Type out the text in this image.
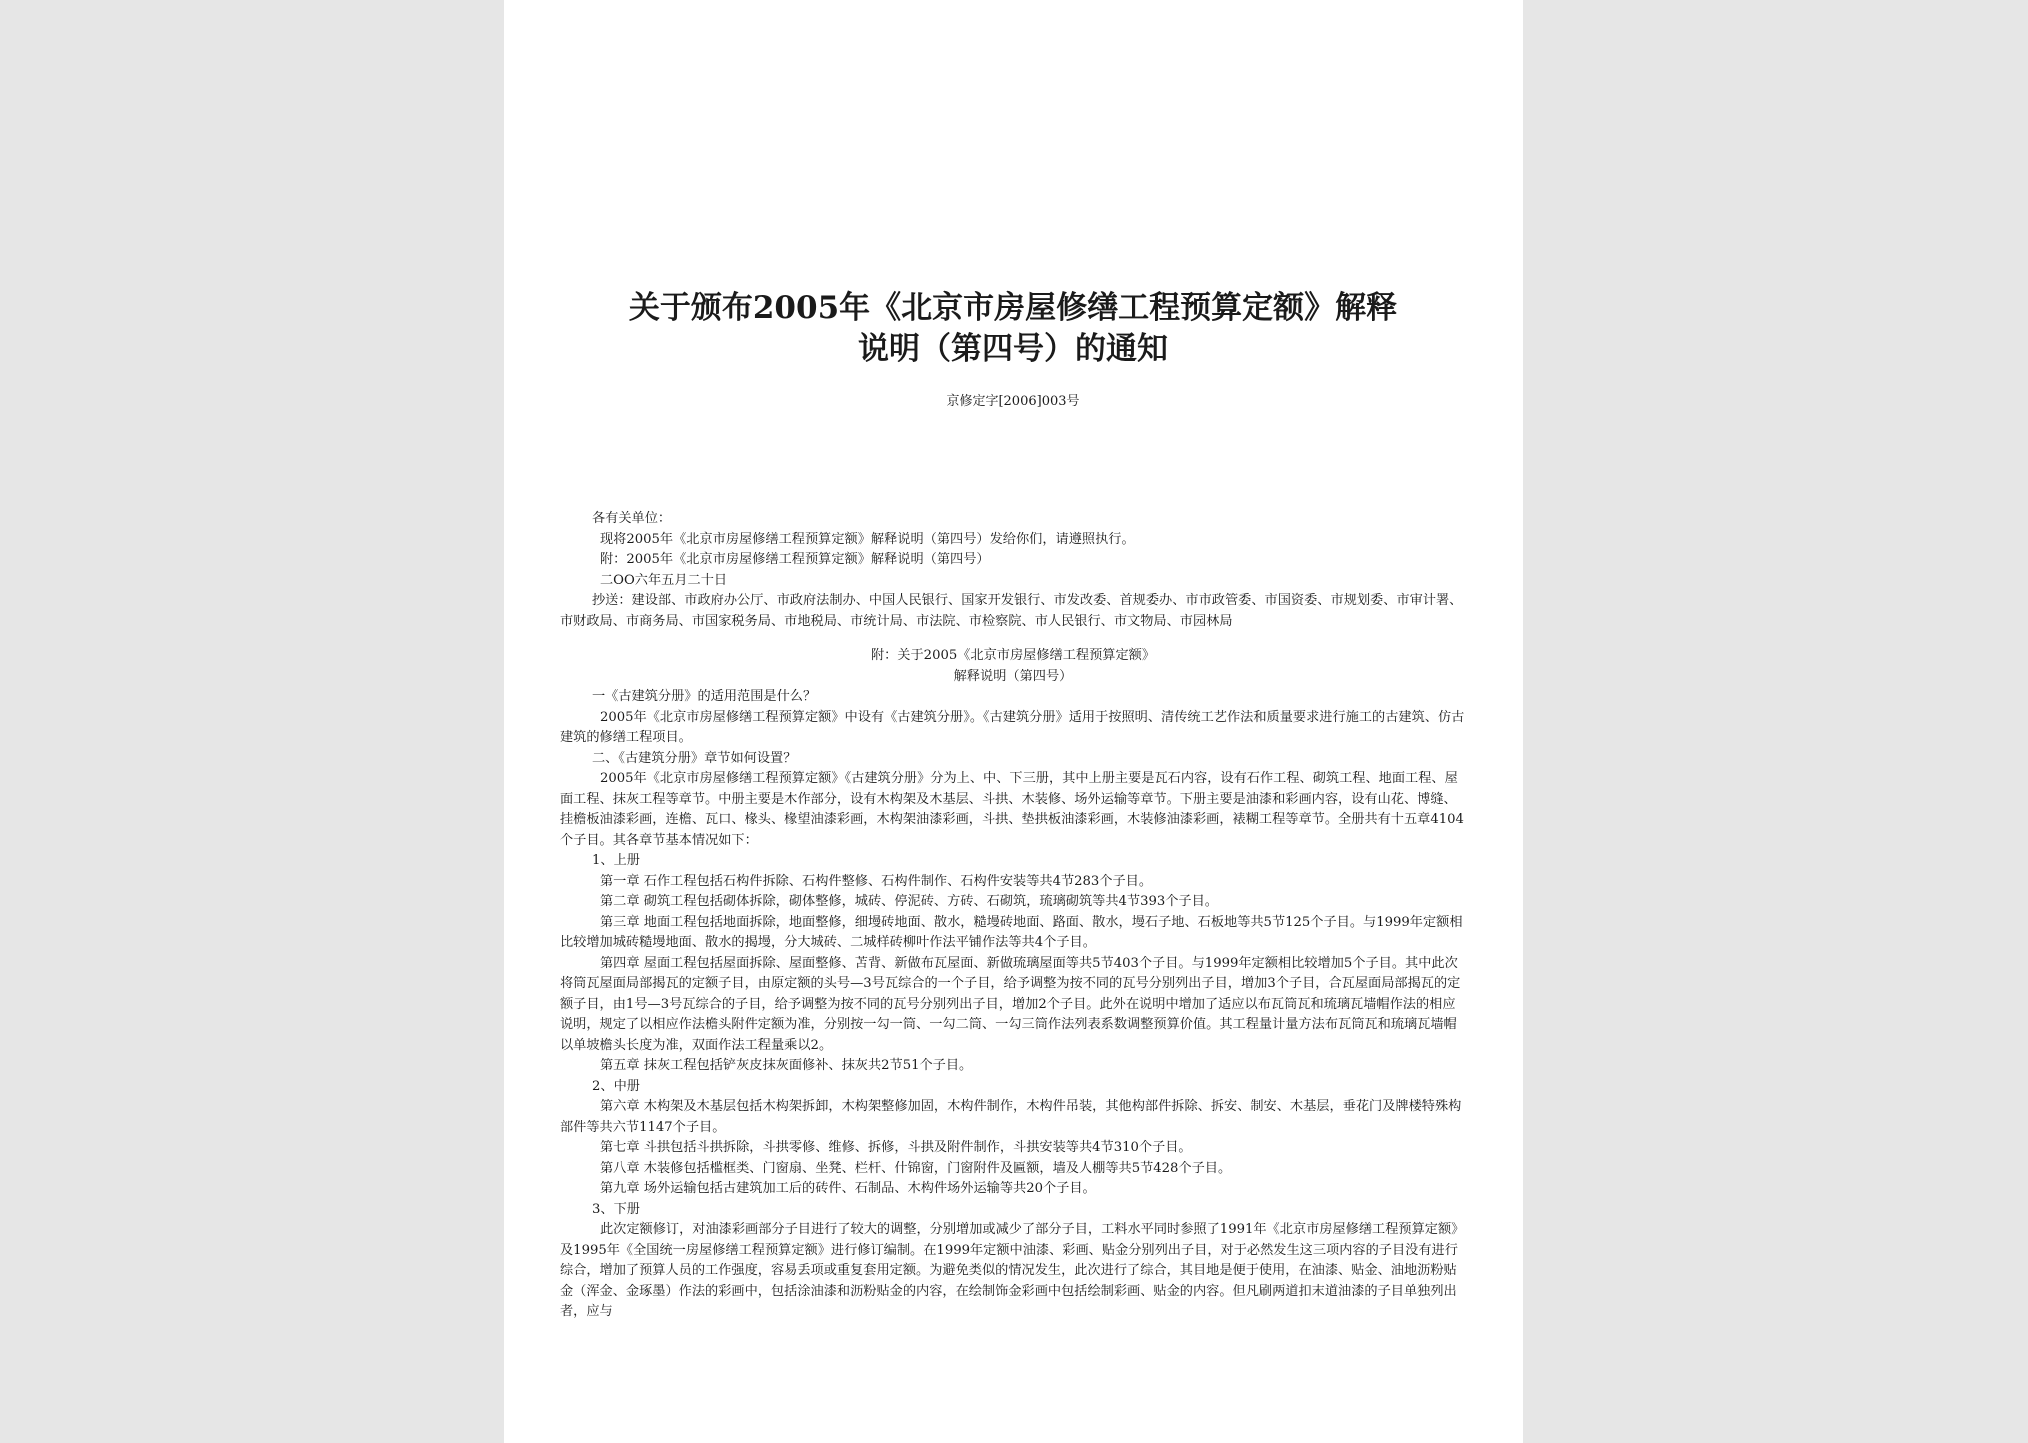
关于颁布2005年《北京市房屋修缮工程预算定额》解释
说明（第四号）的通知
京修定字[2006]003号

各有关单位：

现将2005年《北京市房屋修缮工程预算定额》解释说明（第四号）发给你们，请遵照执行。

附：2005年《北京市房屋修缮工程预算定额》解释说明（第四号）

二OO六年五月二十日

抄送：建设部、市政府办公厅、市政府法制办、中国人民银行、国家开发银行、市发改委、首规委办、市市政管委、市国资委、市规划委、市审计署、市财政局、市商务局、市国家税务局、市地税局、市统计局、市法院、市检察院、市人民银行、市文物局、市园林局

附：关于2005《北京市房屋修缮工程预算定额》

解释说明（第四号）

一《古建筑分册》的适用范围是什么？

2005年《北京市房屋修缮工程预算定额》中设有《古建筑分册》。《古建筑分册》适用于按照明、清传统工艺作法和质量要求进行施工的古建筑、仿古建筑的修缮工程项目。

二、《古建筑分册》章节如何设置？

2005年《北京市房屋修缮工程预算定额》《古建筑分册》分为上、中、下三册，其中上册主要是瓦石内容，设有石作工程、砌筑工程、地面工程、屋面工程、抹灰工程等章节。中册主要是木作部分，设有木构架及木基层、斗拱、木装修、场外运输等章节。下册主要是油漆和彩画内容，设有山花、博缝、挂檐板油漆彩画，连檐、瓦口、椽头、椽望油漆彩画，木构架油漆彩画，斗拱、垫拱板油漆彩画，木装修油漆彩画，裱糊工程等章节。全册共有十五章4104个子目。其各章节基本情况如下：

1、上册

第一章 石作工程包括石构件拆除、石构件整修、石构件制作、石构件安装等共4节283个子目。

第二章 砌筑工程包括砌体拆除，砌体整修，城砖、停泥砖、方砖、石砌筑，琉璃砌筑等共4节393个子目。

第三章 地面工程包括地面拆除，地面整修，细墁砖地面、散水，糙墁砖地面、路面、散水，墁石子地、石板地等共5节125个子目。与1999年定额相比较增加城砖糙墁地面、散水的揭墁，分大城砖、二城样砖柳叶作法平铺作法等共4个子目。

第四章 屋面工程包括屋面拆除、屋面整修、苫背、新做布瓦屋面、新做琉璃屋面等共5节403个子目。与1999年定额相比较增加5个子目。其中此次将筒瓦屋面局部揭瓦的定额子目，由原定额的头号—3号瓦综合的一个子目，给予调整为按不同的瓦号分别列出子目，增加3个子目，合瓦屋面局部揭瓦的定额子目，由1号—3号瓦综合的子目，给予调整为按不同的瓦号分别列出子目，增加2个子目。此外在说明中增加了适应以布瓦筒瓦和琉璃瓦墙帽作法的相应说明，规定了以相应作法檐头附件定额为准，分别按一勾一筒、一勾二筒、一勾三筒作法列表系数调整预算价值。其工程量计量方法布瓦筒瓦和琉璃瓦墙帽以单坡檐头长度为准，双面作法工程量乘以2。

第五章 抹灰工程包括铲灰皮抹灰面修补、抹灰共2节51个子目。

2、中册

第六章 木构架及木基层包括木构架拆卸，木构架整修加固，木构件制作，木构件吊装，其他构部件拆除、拆安、制安、木基层，垂花门及牌楼特殊构部件等共六节1147个子目。

第七章 斗拱包括斗拱拆除，斗拱零修、维修、拆修，斗拱及附件制作，斗拱安装等共4节310个子目。

第八章 木装修包括槛框类、门窗扇、坐凳、栏杆、什锦窗，门窗附件及匾额，墙及人棚等共5节428个子目。

第九章 场外运输包括古建筑加工后的砖件、石制品、木构件场外运输等共20个子目。

3、下册

此次定额修订，对油漆彩画部分子目进行了较大的调整，分别增加或减少了部分子目，工料水平同时参照了1991年《北京市房屋修缮工程预算定额》及1995年《全国统一房屋修缮工程预算定额》进行修订编制。在1999年定额中油漆、彩画、贴金分别列出子目，对于必然发生这三项内容的子目没有进行综合，增加了预算人员的工作强度，容易丢项或重复套用定额。为避免类似的情况发生，此次进行了综合，其目地是便于使用，在油漆、贴金、油地沥粉贴金（浑金、金琢墨）作法的彩画中，包括涂油漆和沥粉贴金的内容，在绘制饰金彩画中包括绘制彩画、贴金的内容。但凡刷两道扣末道油漆的子目单独列出者，应与
